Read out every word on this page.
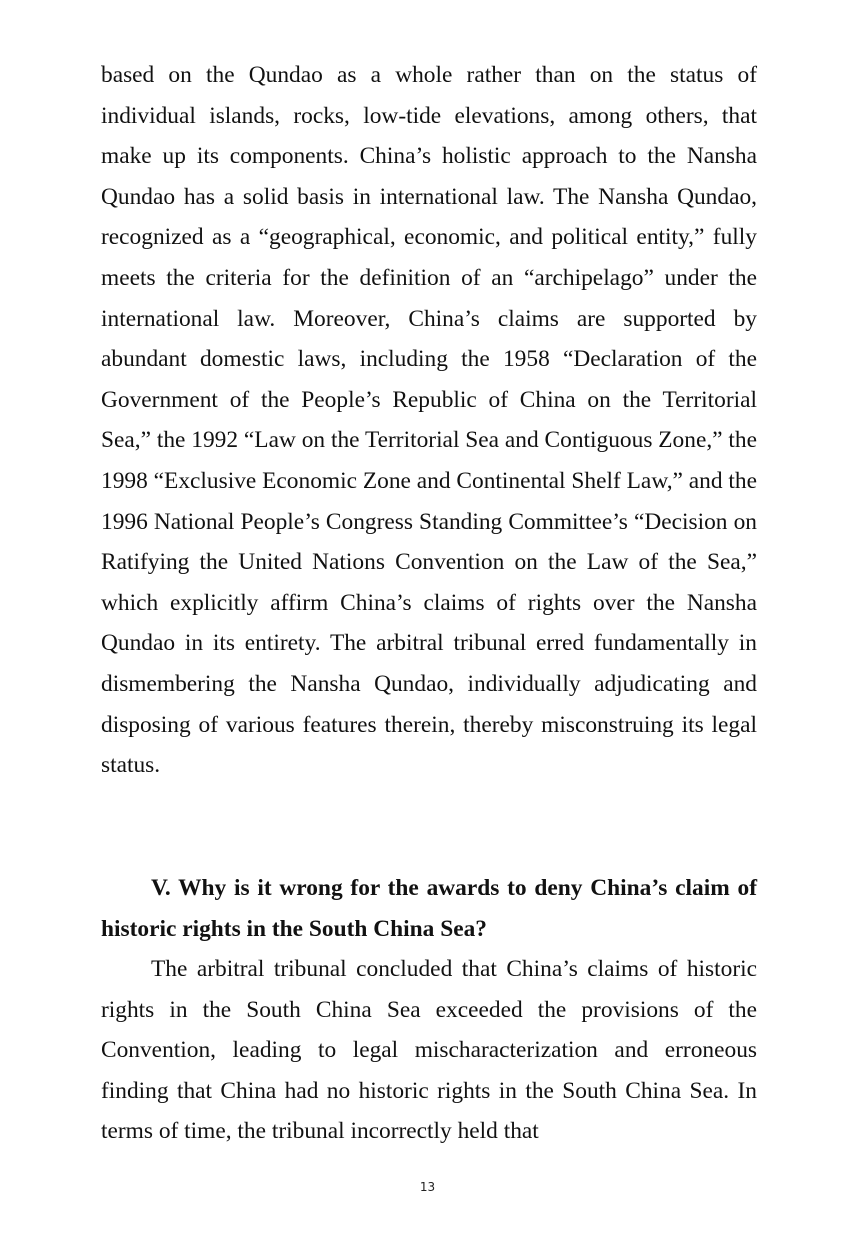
based on the Qundao as a whole rather than on the status of individual islands, rocks, low-tide elevations, among others, that make up its components. China’s holistic approach to the Nansha Qundao has a solid basis in international law. The Nansha Qundao, recognized as a “geographical, economic, and political entity,” fully meets the criteria for the definition of an “archipelago” under the international law. Moreover, China’s claims are supported by abundant domestic laws, including the 1958 “Declaration of the Government of the People’s Republic of China on the Territorial Sea,” the 1992 “Law on the Territorial Sea and Contiguous Zone,” the 1998 “Exclusive Economic Zone and Continental Shelf Law,” and the 1996 National People’s Congress Standing Committee’s “Decision on Ratifying the United Nations Convention on the Law of the Sea,” which explicitly affirm China’s claims of rights over the Nansha Qundao in its entirety. The arbitral tribunal erred fundamentally in dismembering the Nansha Qundao, individually adjudicating and disposing of various features therein, thereby misconstruing its legal status.

V. Why is it wrong for the awards to deny China’s claim of historic rights in the South China Sea?

The arbitral tribunal concluded that China’s claims of historic rights in the South China Sea exceeded the provisions of the Convention, leading to legal mischaracterization and erroneous finding that China had no historic rights in the South China Sea. In terms of time, the tribunal incorrectly held that

13
